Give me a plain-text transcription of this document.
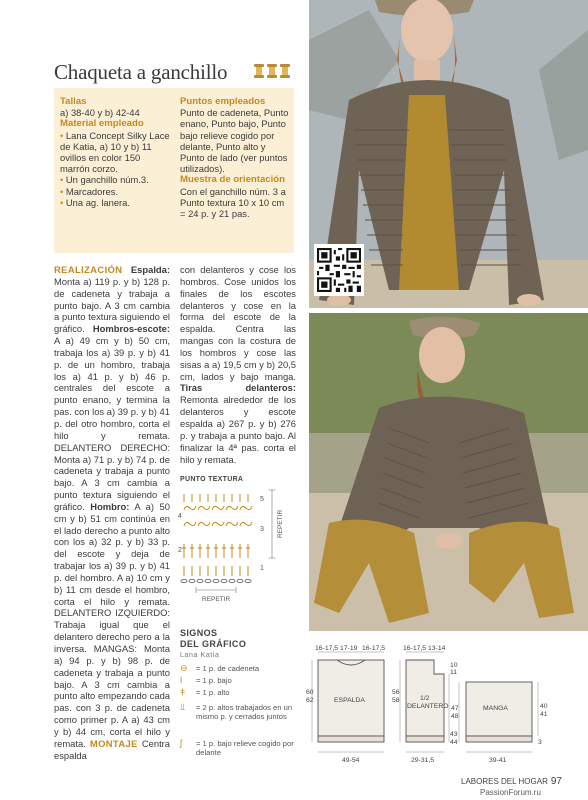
Chaqueta a ganchillo
Tallas
a) 38-40 y b) 42-44
Material empleado
• Lana Concept Silky Lace de Katia, a) 10 y b) 11 ovillos en color 150 marrón corzo.
• Un ganchillo núm.3.
• Marcadores.
• Una ag. lanera.
Puntos empleados
Punto de cadeneta, Punto enano, Punto bajo, Punto bajo relieve cogido por delante, Punto alto y Punto de lado (ver puntos utilizados).
Muestra de orientación
Con el ganchillo núm. 3 a Punto textura 10 x 10 cm = 24 p. y 21 pas.
REALIZACIÓN Espalda: Monta a) 119 p. y b) 128 p. de cadeneta y trabaja a punto bajo. A 3 cm cambia a punto textura siguiendo el gráfico. Hombros-escote: A a) 49 cm y b) 50 cm, trabaja los a) 39 p. y b) 41 p. de un hombro, trabaja los a) 41 p. y b) 46 p. centrales del escote a punto enano, y termina la pas. con los a) 39 p. y b) 41 p. del otro hombro, corta el hilo y remata. DELANTERO DERECHO: Monta a) 71 p. y b) 74 p. de cadeneta y trabaja a punto bajo. A 3 cm cambia a punto textura siguiendo el gráfico. Hombro: A a) 50 cm y b) 51 cm continúa en el lado derecho a punto alto con los a) 32 p. y b) 33 p. del escote y deja de trabajar los a) 39 p. y b) 41 p. del hombro. A a) 10 cm y b) 11 cm desde el hombro, corta el hilo y remata. DELANTERO IZQUIERDO: Trabaja igual que el delantero derecho pero a la inversa. MANGAS: Monta a) 94 p. y b) 98 p. de cadeneta y trabaja a punto bajo. A 3 cm cambia a punto alto empezando cada pas. con 3 p. de cadeneta como primer p. A a) 43 cm y b) 44 cm, corta el hilo y remata. MONTAJE Centra espalda
con delanteros y cose los hombros. Cose unidos los finales de los escotes delanteros y cose en la forma del escote de la espalda. Centra las mangas con la costura de los hombros y cose las sisas a a) 19,5 cm y b) 20,5 cm, lados y bajo manga. Tiras delanteros: Remonta alrededor de los delanteros y escote espalda a) 267 p. y b) 276 p. y trabaja a punto bajo. Al finalizar la 4ª pas. corta el hilo y remata.
PUNTO TEXTURA
5
4
3
2
1
REPETIR
REPETIR
SIGNOS
DEL GRÁFICO
Lana Katia
⊖	= 1 p. de cadeneta
ǀ	= 1 p. bajo
ǂ	= 1 p. alto
⫫	= 2 p. altos trabajados en un mismo p. y cerrados juntos
ʃ	= 1 p. bajo relieve cogido por delante
16-17,5 17-19 16-17,5
60
62	ESPALDA
49-54
16-17,5 13-14
10
11
56
58
47
48
1/2
DELANTERO
29-31,5
MANGA	40
41
43
44
39-41
3
LABORES DEL HOGAR 97
PassionForum.ru
